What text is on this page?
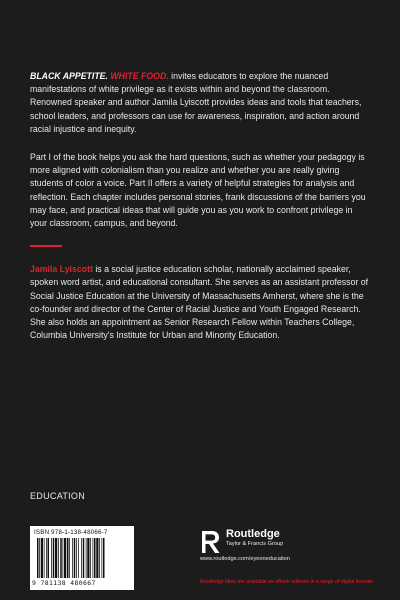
BLACK APPETITE. WHITE FOOD. invites educators to explore the nuanced manifestations of white privilege as it exists within and beyond the classroom. Renowned speaker and author Jamila Lyiscott provides ideas and tools that teachers, school leaders, and professors can use for awareness, inspiration, and action around racial injustice and inequity.

Part I of the book helps you ask the hard questions, such as whether your pedagogy is more aligned with colonialism than you realize and whether you are really giving students of color a voice. Part II offers a variety of helpful strategies for analysis and reflection. Each chapter includes personal stories, frank discussions of the barriers you may face, and practical ideas that will guide you as you work to confront privilege in your classroom, campus, and beyond.

Jamila Lyiscott is a social justice education scholar, nationally acclaimed speaker, spoken word artist, and educational consultant. She serves as an assistant professor of Social Justice Education at the University of Massachusetts Amherst, where she is the co-founder and director of the Center of Racial Justice and Youth Engaged Research. She also holds an appointment as Senior Research Fellow within Teachers College, Columbia University's Institute for Urban and Minority Education.

EDUCATION
ISBN 978-1-138-48066-7
9 781138 480667
Routledge
Taylor & Francis Group
www.routledge.com/eyeoneducation
Routledge titles are available as eBook editions in a range of digital formats
